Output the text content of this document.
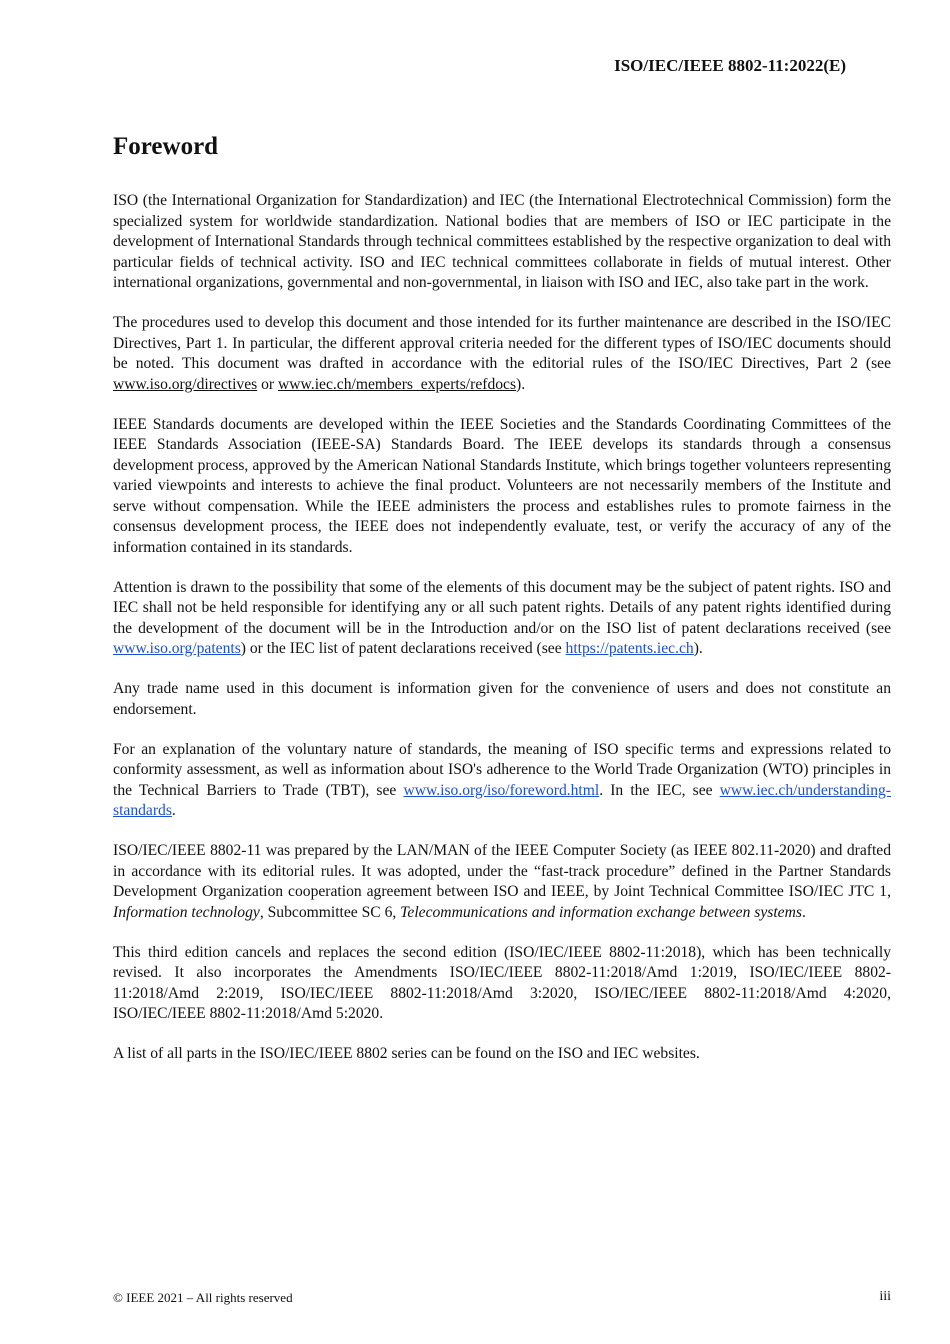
ISO/IEC/IEEE 8802-11:2022(E)
Foreword

ISO (the International Organization for Standardization) and IEC (the International Electrotechnical Commission) form the specialized system for worldwide standardization. National bodies that are members of ISO or IEC participate in the development of International Standards through technical committees established by the respective organization to deal with particular fields of technical activity. ISO and IEC technical committees collaborate in fields of mutual interest. Other international organizations, governmental and non-governmental, in liaison with ISO and IEC, also take part in the work.

The procedures used to develop this document and those intended for its further maintenance are described in the ISO/IEC Directives, Part 1. In particular, the different approval criteria needed for the different types of ISO/IEC documents should be noted. This document was drafted in accordance with the editorial rules of the ISO/IEC Directives, Part 2 (see www.iso.org/directives or www.iec.ch/members_experts/refdocs).

IEEE Standards documents are developed within the IEEE Societies and the Standards Coordinating Committees of the IEEE Standards Association (IEEE-SA) Standards Board. The IEEE develops its standards through a consensus development process, approved by the American National Standards Institute, which brings together volunteers representing varied viewpoints and interests to achieve the final product. Volunteers are not necessarily members of the Institute and serve without compensation. While the IEEE administers the process and establishes rules to promote fairness in the consensus development process, the IEEE does not independently evaluate, test, or verify the accuracy of any of the information contained in its standards.

Attention is drawn to the possibility that some of the elements of this document may be the subject of patent rights. ISO and IEC shall not be held responsible for identifying any or all such patent rights. Details of any patent rights identified during the development of the document will be in the Introduction and/or on the ISO list of patent declarations received (see www.iso.org/patents) or the IEC list of patent declarations received (see https://patents.iec.ch).

Any trade name used in this document is information given for the convenience of users and does not constitute an endorsement.

For an explanation of the voluntary nature of standards, the meaning of ISO specific terms and expressions related to conformity assessment, as well as information about ISO's adherence to the World Trade Organization (WTO) principles in the Technical Barriers to Trade (TBT), see www.iso.org/iso/foreword.html. In the IEC, see www.iec.ch/understanding-standards.

ISO/IEC/IEEE 8802-11 was prepared by the LAN/MAN of the IEEE Computer Society (as IEEE 802.11-2020) and drafted in accordance with its editorial rules. It was adopted, under the “fast-track procedure” defined in the Partner Standards Development Organization cooperation agreement between ISO and IEEE, by Joint Technical Committee ISO/IEC JTC 1, Information technology, Subcommittee SC 6, Telecommunications and information exchange between systems.

This third edition cancels and replaces the second edition (ISO/IEC/IEEE 8802-11:2018), which has been technically revised. It also incorporates the Amendments ISO/IEC/IEEE 8802-11:2018/Amd 1:2019, ISO/IEC/IEEE 8802-11:2018/Amd 2:2019, ISO/IEC/IEEE 8802-11:2018/Amd 3:2020, ISO/IEC/IEEE 8802-11:2018/Amd 4:2020, ISO/IEC/IEEE 8802-11:2018/Amd 5:2020.

A list of all parts in the ISO/IEC/IEEE 8802 series can be found on the ISO and IEC websites.

© IEEE 2021 – All rights reserved	iii
